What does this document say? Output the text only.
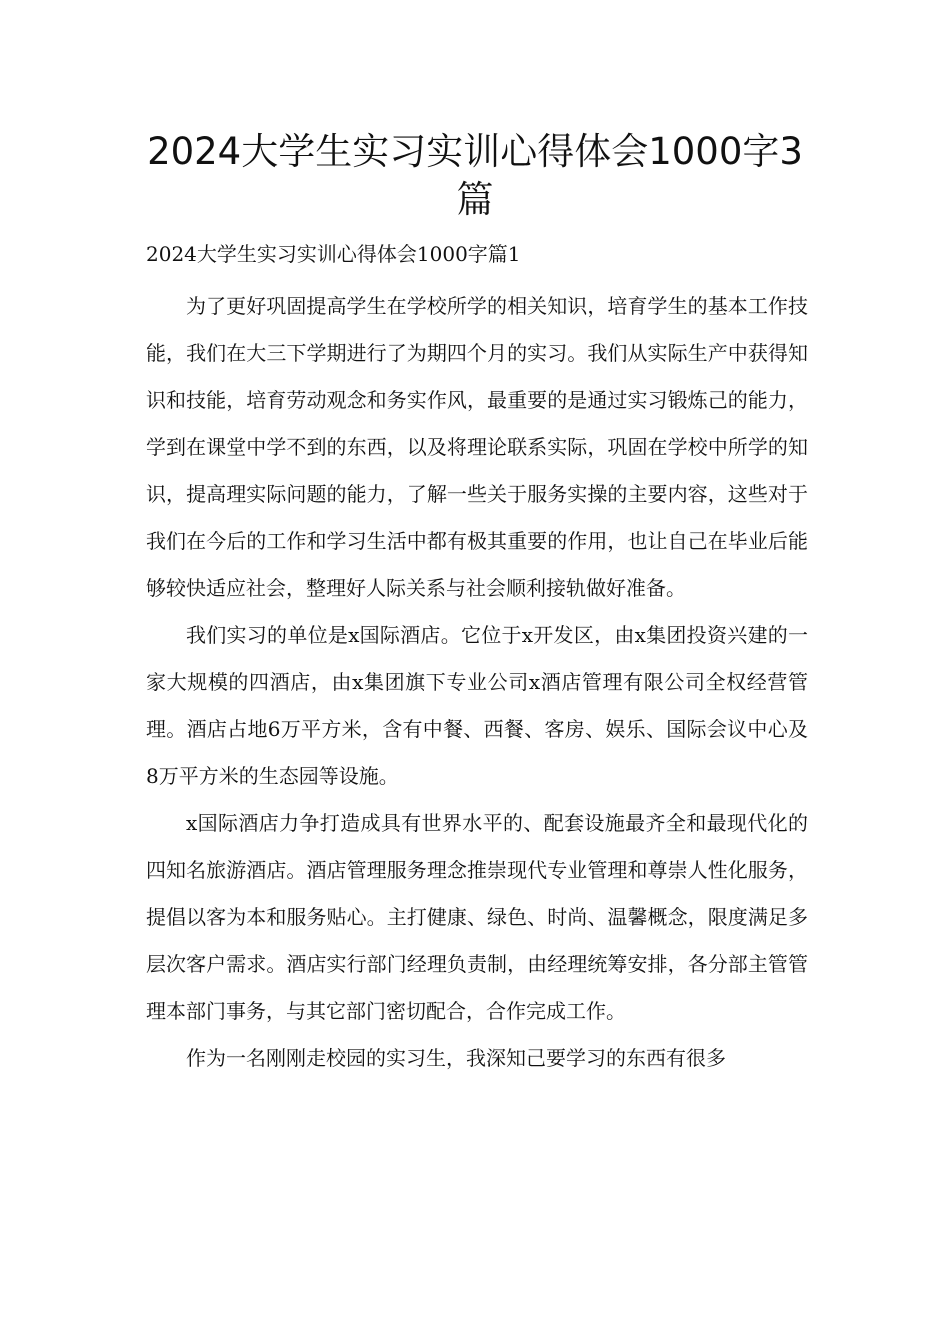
2024大学生实习实训心得体会1000字3篇

2024大学生实习实训心得体会1000字篇1

为了更好巩固提高学生在学校所学的相关知识，培育学生的基本工作技能，我们在大三下学期进行了为期四个月的实习。我们从实际生产中获得知识和技能，培育劳动观念和务实作风，最重要的是通过实习锻炼己的能力，学到在课堂中学不到的东西，以及将理论联系实际，巩固在学校中所学的知识，提高理实际问题的能力，了解一些关于服务实操的主要内容，这些对于我们在今后的工作和学习生活中都有极其重要的作用，也让自己在毕业后能够较快适应社会，整理好人际关系与社会顺利接轨做好准备。

我们实习的单位是x国际酒店。它位于x开发区，由x集团投资兴建的一家大规模的四酒店，由x集团旗下专业公司x酒店管理有限公司全权经营管理。酒店占地6万平方米，含有中餐、西餐、客房、娱乐、国际会议中心及8万平方米的生态园等设施。

x国际酒店力争打造成具有世界水平的、配套设施最齐全和最现代化的四知名旅游酒店。酒店管理服务理念推崇现代专业管理和尊崇人性化服务，提倡以客为本和服务贴心。主打健康、绿色、时尚、温馨概念，限度满足多层次客户需求。酒店实行部门经理负责制，由经理统筹安排，各分部主管管理本部门事务，与其它部门密切配合，合作完成工作。

作为一名刚刚走校园的实习生，我深知己要学习的东西有很多
